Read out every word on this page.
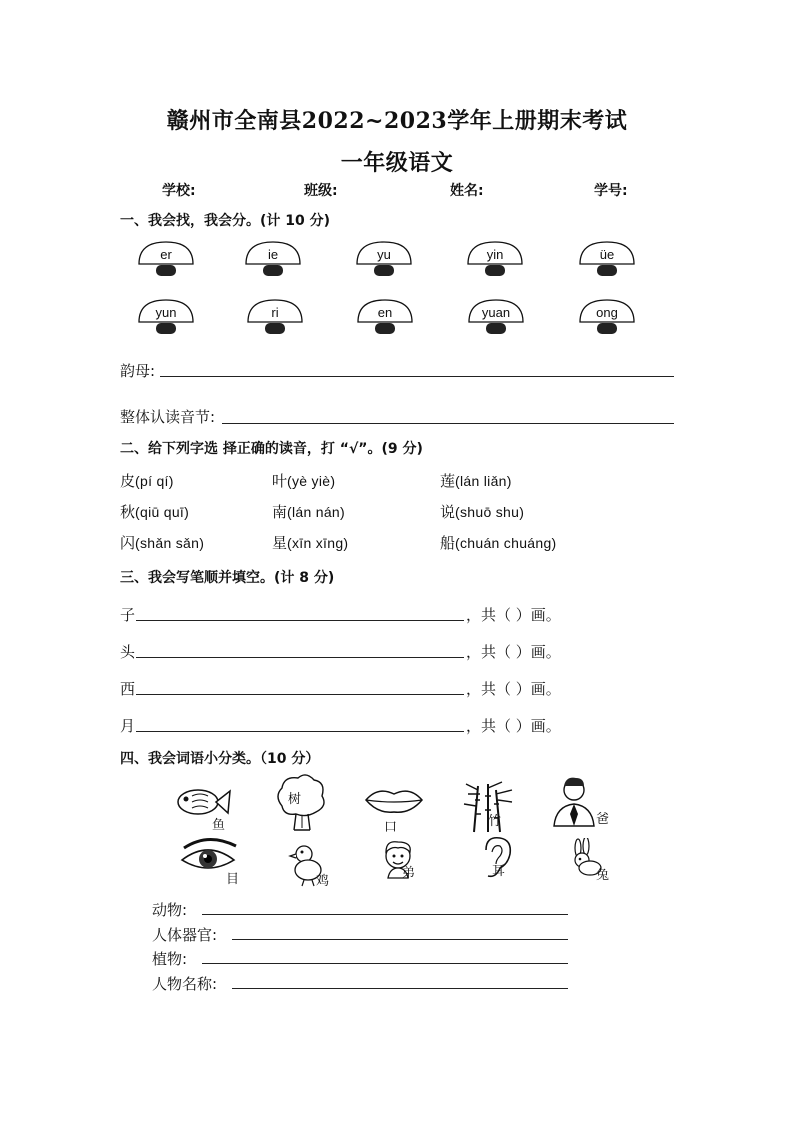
赣州市全南县2022~2023学年上册期末考试
一年级语文
学校:	班级:	姓名:	学号:
一、我会找，我会分。(计 10 分)
er	ie	yu	yin	üe
yun	ri	en	yuan	ong
韵母:
整体认读音节:
二、给下列字选 择正确的读音，打 “√”。(9 分)
皮(pí qí)	叶(yè yiè)	莲(lán liǎn)
秋(qiū quī)	南(lán nán)	说(shuō shu)
闪(shǎn sǎn)	星(xīn xīng)	船(chuán chuáng)
三、我会写笔顺并填空。(计 8 分)
子	，共（ ）画。
头	，共（ ）画。
西	，共（ ）画。
月	，共（ ）画。
四、我会词语小分类。（10 分）
鱼
树
口	竹	爸
目	鸡
弟	耳	兔
动物:
人体器官:
植物:
人物名称:
